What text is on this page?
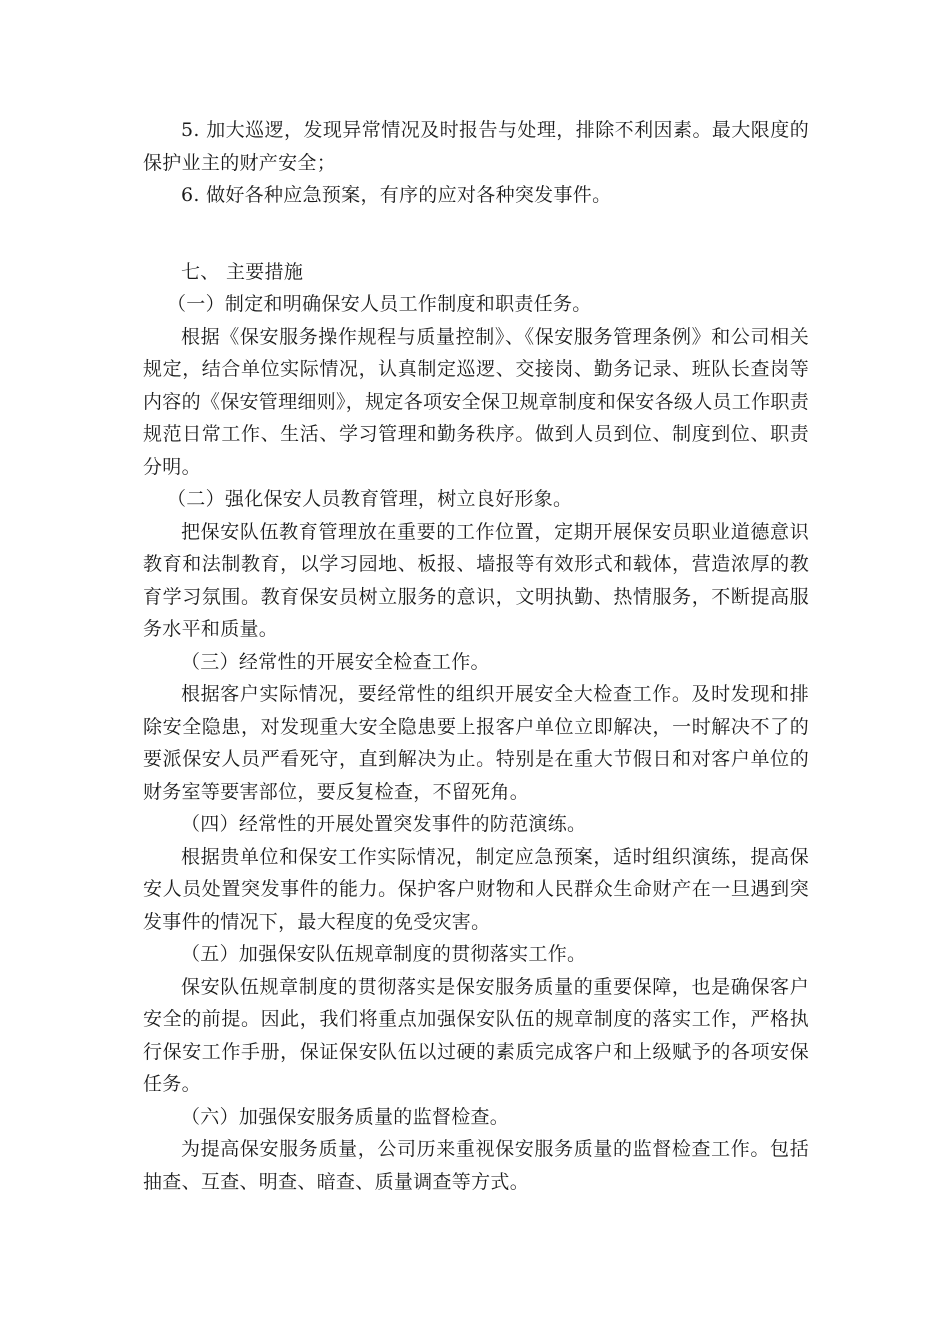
5. 加大巡逻，发现异常情况及时报告与处理，排除不利因素。最大限度的保护业主的财产安全；

6. 做好各种应急预案，有序的应对各种突发事件。

七、 主要措施

（一）制定和明确保安人员工作制度和职责任务。

根据《保安服务操作规程与质量控制》、《保安服务管理条例》和公司相关规定，结合单位实际情况，认真制定巡逻、交接岗、勤务记录、班队长查岗等内容的《保安管理细则》，规定各项安全保卫规章制度和保安各级人员工作职责规范日常工作、生活、学习管理和勤务秩序。做到人员到位、制度到位、职责分明。

（二）强化保安人员教育管理，树立良好形象。

把保安队伍教育管理放在重要的工作位置，定期开展保安员职业道德意识教育和法制教育，以学习园地、板报、墙报等有效形式和载体，营造浓厚的教育学习氛围。教育保安员树立服务的意识，文明执勤、热情服务，不断提高服务水平和质量。

（三）经常性的开展安全检查工作。

根据客户实际情况，要经常性的组织开展安全大检查工作。及时发现和排除安全隐患，对发现重大安全隐患要上报客户单位立即解决，一时解决不了的要派保安人员严看死守，直到解决为止。特别是在重大节假日和对客户单位的财务室等要害部位，要反复检查，不留死角。

（四）经常性的开展处置突发事件的防范演练。

根据贵单位和保安工作实际情况，制定应急预案，适时组织演练，提高保安人员处置突发事件的能力。保护客户财物和人民群众生命财产在一旦遇到突发事件的情况下，最大程度的免受灾害。

（五）加强保安队伍规章制度的贯彻落实工作。

保安队伍规章制度的贯彻落实是保安服务质量的重要保障，也是确保客户安全的前提。因此，我们将重点加强保安队伍的规章制度的落实工作，严格执行保安工作手册，保证保安队伍以过硬的素质完成客户和上级赋予的各项安保任务。

（六）加强保安服务质量的监督检查。

为提高保安服务质量，公司历来重视保安服务质量的监督检查工作。包括抽查、互查、明查、暗查、质量调查等方式。
